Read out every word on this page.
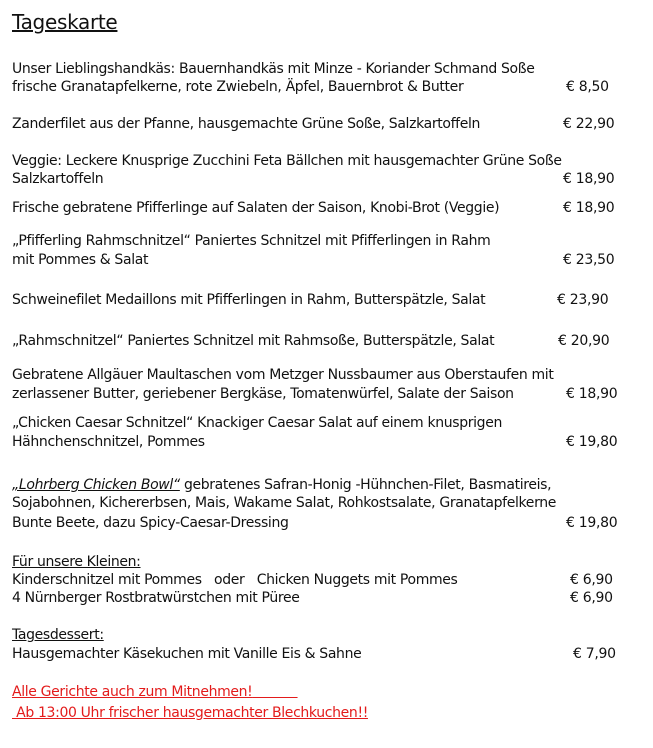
Tageskarte
Unser Lieblingshandkäs: Bauernhandkäs mit Minze - Koriander Schmand Soße
frische Granatapfelkerne, rote Zwiebeln, Äpfel, Bauernbrot & Butter	€ 8,50
Zanderfilet aus der Pfanne, hausgemachte Grüne Soße, Salzkartoffeln	€ 22,90
Veggie: Leckere Knusprige Zucchini Feta Bällchen mit hausgemachter Grüne Soße
Salzkartoffeln	€ 18,90
Frische gebratene Pfifferlinge auf Salaten der Saison, Knobi-Brot (Veggie)	€ 18,90
„Pfifferling Rahmschnitzel“ Paniertes Schnitzel mit Pfifferlingen in Rahm
mit Pommes & Salat	€ 23,50
Schweinefilet Medaillons mit Pfifferlingen in Rahm, Butterspätzle, Salat	€ 23,90
„Rahmschnitzel“ Paniertes Schnitzel mit Rahmsoße, Butterspätzle, Salat	€ 20,90
Gebratene Allgäuer Maultaschen vom Metzger Nussbaumer aus Oberstaufen mit
zerlassener Butter, geriebener Bergkäse, Tomatenwürfel, Salate der Saison	€ 18,90
„Chicken Caesar Schnitzel“ Knackiger Caesar Salat auf einem knusprigen
Hähnchenschnitzel, Pommes	€ 19,80
„Lohrberg Chicken Bowl“ gebratenes Safran-Honig -Hühnchen-Filet, Basmatireis,
Sojabohnen, Kichererbsen, Mais, Wakame Salat, Rohkostsalate, Granatapfelkerne
Bunte Beete, dazu Spicy-Caesar-Dressing	€ 19,80
Für unsere Kleinen:
Kinderschnitzel mit Pommes   oder   Chicken Nuggets mit Pommes	€ 6,90
4 Nürnberger Rostbratwürstchen mit Püree	€ 6,90
Tagesdessert:
Hausgemachter Käsekuchen mit Vanille Eis & Sahne	€ 7,90
Alle Gerichte auch zum Mitnehmen!
Ab 13:00 Uhr frischer hausgemachter Blechkuchen!!
